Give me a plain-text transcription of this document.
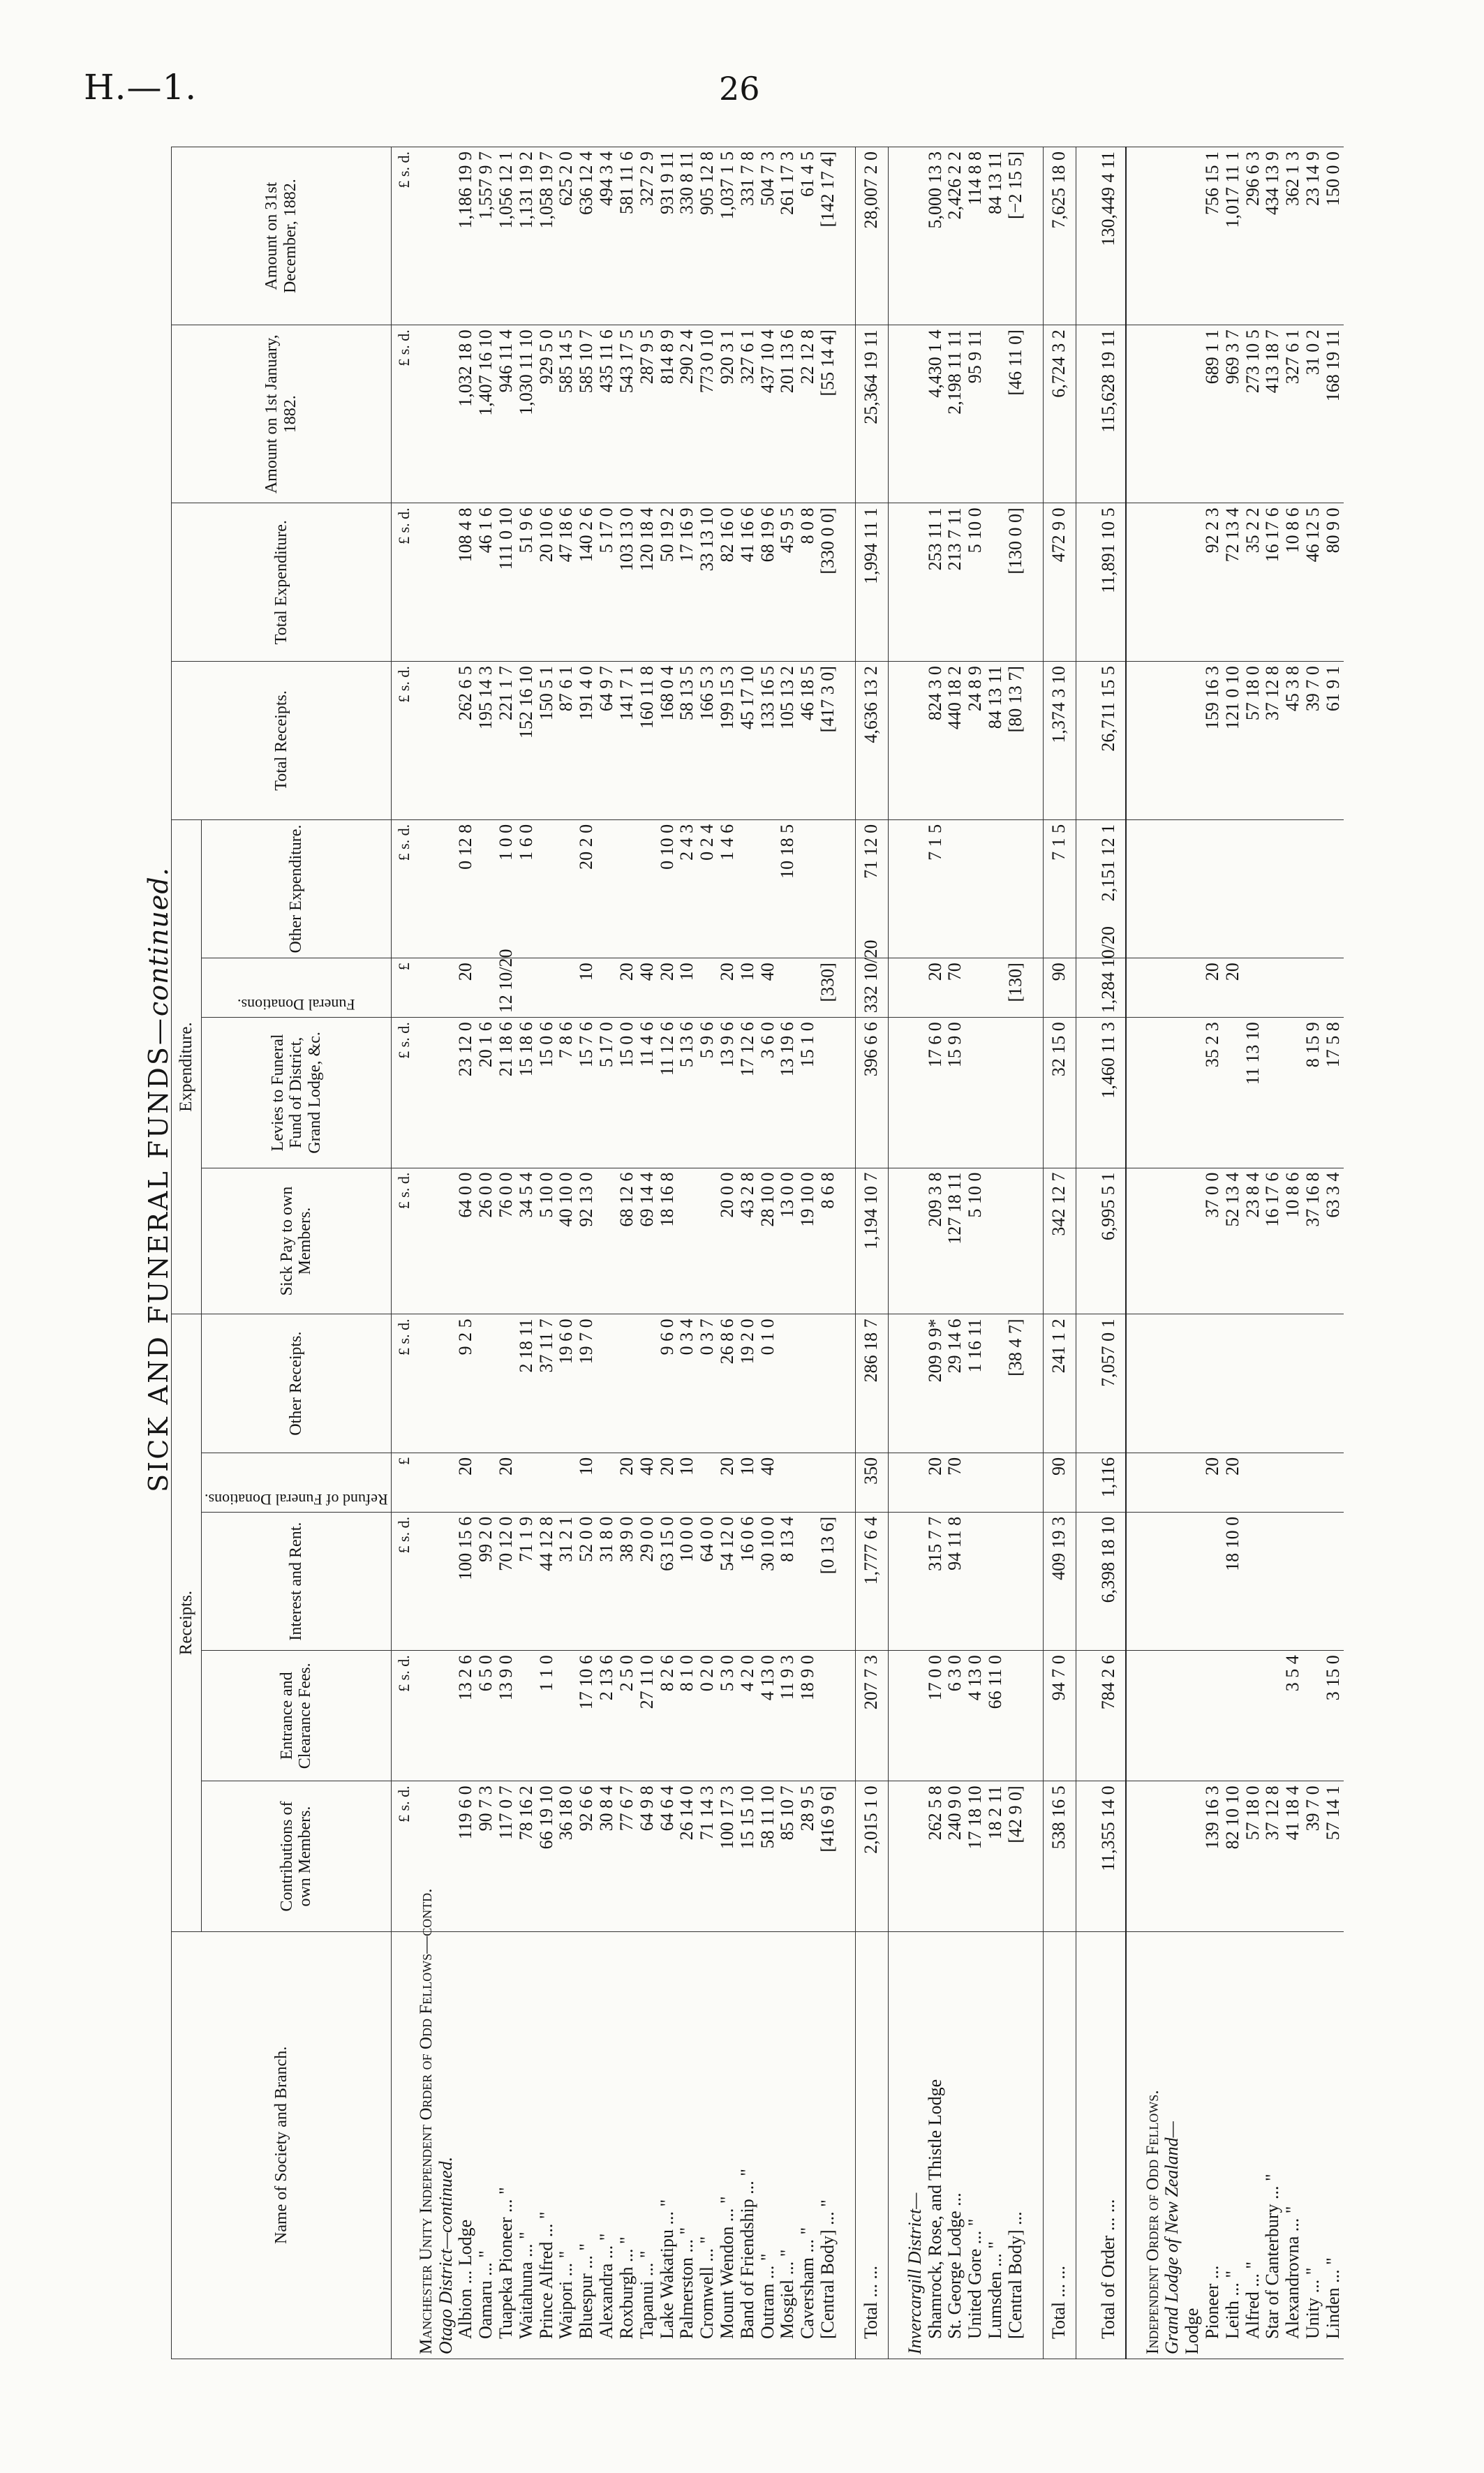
H.—1.	26
SICK AND FUNERAL FUNDS—continued.
Name of Society and Branch.	Receipts.					Expenditure.				Total Receipts.	Total Expenditure.	Amount on 1st January, 1882.	Amount on 31st December, 1882.
	Contributions of own Members.	Entrance and Clearance Fees.	Interest and Rent.	Refund of Funeral Donations.	Other Receipts.	Sick Pay to own Members.	Levies to Funeral Fund of District, Grand Lodge, &c.	Funeral Donations.	Other Expenditure.				
	£ s. d.	£ s. d.	£ s. d.	£	£ s. d.	£ s. d.	£ s. d.	£	£ s. d.	£ s. d.	£ s. d.	£ s. d.	£ s. d.
Manchester Unity Independent Order of Odd Fellows—contd.													
Otago District—continued.													
Albion ... Lodge	119 6 0	13 2 6	100 15 6	20	9 2 5	64 0 0	23 12 0	20	0 12 8	262 6 5	108 4 8	1,032 18 0	1,186 19 9
Oamaru ... "	90 7 3	6 5 0	99 2 0			26 0 0	20 1 6			195 14 3	46 1 6	1,407 16 10	1,557 9 7
Tuapeka Pioneer ... "	117 0 7	13 9 0	70 12 0	20		76 0 0	21 18 6	12 10/20	1 0 0	221 1 7	111 0 10	946 11 4	1,056 12 1
Waitahuna ... "	78 16 2		71 1 9		2 18 11	34 5 4	15 18 6		1 6 0	152 16 10	51 9 6	1,030 11 10	1,131 19 2
Prince Alfred ... "	66 19 10	1 1 0	44 12 8		37 11 7	5 10 0	15 0 6			150 5 1	20 10 6	929 5 0	1,058 19 7
Waipori ... "	36 18 0		31 2 1		19 6 0	40 10 0	7 8 6			87 6 1	47 18 6	585 14 5	625 2 0
Bluespur ... "	92 6 6	17 10 6	52 0 0	10	19 7 0	92 13 0	15 7 6	10	20 2 0	191 4 0	140 2 6	585 10 7	636 12 4
Alexandra ... "	30 8 4	2 13 6	31 8 0				5 17 0			64 9 7	5 17 0	435 11 6	494 3 4
Roxburgh ... "	77 6 7	2 5 0	38 9 0	20		68 12 6	15 0 0	20		141 7 1	103 13 0	543 17 5	581 11 6
Tapanui ... "	64 9 8	27 11 0	29 0 0	40		69 14 4	11 4 6	40		160 11 8	120 18 4	287 9 5	327 2 9
Lake Wakatipu ... "	64 6 4	8 2 6	63 15 0	20	9 6 0	18 16 8	11 12 6	20	0 10 0	168 0 4	50 19 2	814 8 9	931 9 11
Palmerston ... "	26 14 0	8 1 0	10 0 0	10	0 3 4		5 13 6	10	2 4 3	58 13 5	17 16 9	290 2 4	330 8 11
Cromwell ... "	71 14 3	0 2 0	64 0 0		0 3 7		5 9 6		0 2 4	166 5 3	33 13 10	773 0 10	905 12 8
Mount Wendon ... "	100 17 3	5 3 0	54 12 0	20	26 8 6	20 0 0	13 9 6	20	1 4 6	199 15 3	82 16 0	920 3 1	1,037 1 5
Band of Friendship ... "	15 15 10	4 2 0	16 0 6	10	19 2 0	43 2 8	17 12 6	10		45 17 10	41 16 6	327 6 1	331 7 8
Outram ... "	58 11 10	4 13 0	30 10 0	40	0 1 0	28 10 0	3 6 0	40		133 16 5	68 19 6	437 10 4	504 7 3
Mosgiel ... "	85 10 7	11 9 3	8 13 4			13 0 0	13 19 6		10 18 5	105 13 2	45 9 5	201 13 6	261 17 3
Caversham ... "	28 9 5	18 9 0				19 10 0	15 1 0			46 18 5	8 0 8	22 12 8	61 4 5
[Central Body] ... "	[416 9 6]		[0 13 6]			8 6 8		[330]		[417 3 0]	[330 0 0]	[55 14 4]	[142 17 4]

Total ... ...	2,015 1 0	207 7 3	1,777 6 4	350	286 18 7	1,194 10 7	396 6 6	332 10/20	71 12 0	4,636 13 2	1,994 11 1	25,364 19 11	28,007 2 0

Invercargill District—													
Shamrock, Rose, and Thistle Lodge	262 5 8	17 0 0	315 7 7	20	209 9 9*	209 3 8	17 6 0	20	7 1 5	824 3 0	253 11 1	4,430 1 4	5,000 13 3
St. George Lodge ...	240 9 0	6 3 0	94 11 8	70	29 14 6	127 18 11	15 9 0	70		440 18 2	213 7 11	2,198 11 11	2,426 2 2
United Gore ... "	17 18 10	4 13 0			1 16 11	5 10 0				24 8 9	5 10 0	95 9 11	114 8 8
Lumsden ... "	18 2 11	66 11 0								84 13 11			84 13 11
[Central Body] ...	[42 9 0]				[38 4 7]			[130]		[80 13 7]	[130 0 0]	[46 11 0]	[−2 15 5]

Total ... ...	538 16 5	94 7 0	409 19 3	90	241 1 2	342 12 7	32 15 0	90	7 1 5	1,374 3 10	472 9 0	6,724 3 2	7,625 18 0

Total of Order ... ...	11,355 14 0	784 2 6	6,398 18 10	1,116	7,057 0 1	6,995 5 1	1,460 11 3	1,284 10/20	2,151 12 1	26,711 15 5	11,891 10 5	115,628 19 11	130,449 4 11

Independent Order of Odd Fellows.													
Grand Lodge of New Zealand—													
Lodge													
Pioneer ...	139 16 3			20		37 0 0	35 2 3	20		159 16 3	92 2 3	689 1 1	756 15 1
Leith ... "	82 10 10		18 10 0	20		52 13 4		20		121 0 10	72 13 4	969 3 7	1,017 11 1
Alfred ... "	57 18 0					23 8 4	11 13 10			57 18 0	35 2 2	273 10 5	296 6 3
Star of Canterbury ... "	37 12 8					16 17 6				37 12 8	16 17 6	413 18 7	434 13 9
Alexandrovna ... "	41 18 4	3 5 4				10 8 6				45 3 8	10 8 6	327 6 1	362 1 3
Unity ... "	39 7 0					37 16 8	8 15 9			39 7 0	46 12 5	31 0 2	23 14 9
Linden ... "	57 14 1	3 15 0				63 3 4	17 5 8			61 9 1	80 9 0	168 19 11	150 0 0
